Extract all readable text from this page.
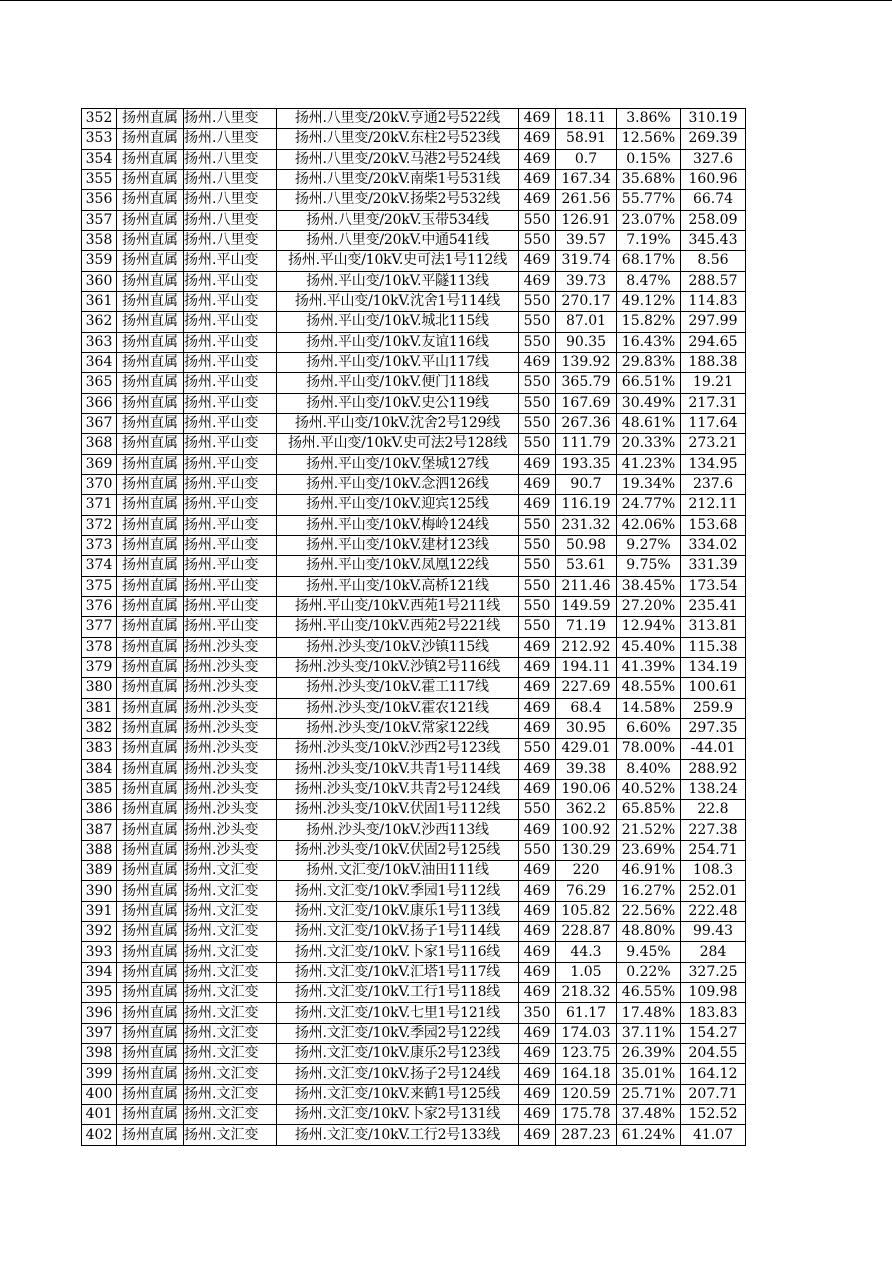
352	扬州直属	扬州.八里变	扬州.八里变/20kV.亨通2号522线	469	18.11	3.86%	310.19
353	扬州直属	扬州.八里变	扬州.八里变/20kV.东柱2号523线	469	58.91	12.56%	269.39
354	扬州直属	扬州.八里变	扬州.八里变/20kV.马港2号524线	469	0.7	0.15%	327.6
355	扬州直属	扬州.八里变	扬州.八里变/20kV.南柴1号531线	469	167.34	35.68%	160.96
356	扬州直属	扬州.八里变	扬州.八里变/20kV.扬柴2号532线	469	261.56	55.77%	66.74
357	扬州直属	扬州.八里变	扬州.八里变/20kV.玉带534线	550	126.91	23.07%	258.09
358	扬州直属	扬州.八里变	扬州.八里变/20kV.中通541线	550	39.57	7.19%	345.43
359	扬州直属	扬州.平山变	扬州.平山变/10kV.史可法1号112线	469	319.74	68.17%	8.56
360	扬州直属	扬州.平山变	扬州.平山变/10kV.平隧113线	469	39.73	8.47%	288.57
361	扬州直属	扬州.平山变	扬州.平山变/10kV.沈舍1号114线	550	270.17	49.12%	114.83
362	扬州直属	扬州.平山变	扬州.平山变/10kV.城北115线	550	87.01	15.82%	297.99
363	扬州直属	扬州.平山变	扬州.平山变/10kV.友谊116线	550	90.35	16.43%	294.65
364	扬州直属	扬州.平山变	扬州.平山变/10kV.平山117线	469	139.92	29.83%	188.38
365	扬州直属	扬州.平山变	扬州.平山变/10kV.便门118线	550	365.79	66.51%	19.21
366	扬州直属	扬州.平山变	扬州.平山变/10kV.史公119线	550	167.69	30.49%	217.31
367	扬州直属	扬州.平山变	扬州.平山变/10kV.沈舍2号129线	550	267.36	48.61%	117.64
368	扬州直属	扬州.平山变	扬州.平山变/10kV.史可法2号128线	550	111.79	20.33%	273.21
369	扬州直属	扬州.平山变	扬州.平山变/10kV.堡城127线	469	193.35	41.23%	134.95
370	扬州直属	扬州.平山变	扬州.平山变/10kV.念泗126线	469	90.7	19.34%	237.6
371	扬州直属	扬州.平山变	扬州.平山变/10kV.迎宾125线	469	116.19	24.77%	212.11
372	扬州直属	扬州.平山变	扬州.平山变/10kV.梅岭124线	550	231.32	42.06%	153.68
373	扬州直属	扬州.平山变	扬州.平山变/10kV.建材123线	550	50.98	9.27%	334.02
374	扬州直属	扬州.平山变	扬州.平山变/10kV.凤凰122线	550	53.61	9.75%	331.39
375	扬州直属	扬州.平山变	扬州.平山变/10kV.高桥121线	550	211.46	38.45%	173.54
376	扬州直属	扬州.平山变	扬州.平山变/10kV.西苑1号211线	550	149.59	27.20%	235.41
377	扬州直属	扬州.平山变	扬州.平山变/10kV.西苑2号221线	550	71.19	12.94%	313.81
378	扬州直属	扬州.沙头变	扬州.沙头变/10kV.沙镇115线	469	212.92	45.40%	115.38
379	扬州直属	扬州.沙头变	扬州.沙头变/10kV.沙镇2号116线	469	194.11	41.39%	134.19
380	扬州直属	扬州.沙头变	扬州.沙头变/10kV.霍工117线	469	227.69	48.55%	100.61
381	扬州直属	扬州.沙头变	扬州.沙头变/10kV.霍农121线	469	68.4	14.58%	259.9
382	扬州直属	扬州.沙头变	扬州.沙头变/10kV.常家122线	469	30.95	6.60%	297.35
383	扬州直属	扬州.沙头变	扬州.沙头变/10kV.沙西2号123线	550	429.01	78.00%	-44.01
384	扬州直属	扬州.沙头变	扬州.沙头变/10kV.共青1号114线	469	39.38	8.40%	288.92
385	扬州直属	扬州.沙头变	扬州.沙头变/10kV.共青2号124线	469	190.06	40.52%	138.24
386	扬州直属	扬州.沙头变	扬州.沙头变/10kV.伏固1号112线	550	362.2	65.85%	22.8
387	扬州直属	扬州.沙头变	扬州.沙头变/10kV.沙西113线	469	100.92	21.52%	227.38
388	扬州直属	扬州.沙头变	扬州.沙头变/10kV.伏固2号125线	550	130.29	23.69%	254.71
389	扬州直属	扬州.文汇变	扬州.文汇变/10kV.油田111线	469	220	46.91%	108.3
390	扬州直属	扬州.文汇变	扬州.文汇变/10kV.季园1号112线	469	76.29	16.27%	252.01
391	扬州直属	扬州.文汇变	扬州.文汇变/10kV.康乐1号113线	469	105.82	22.56%	222.48
392	扬州直属	扬州.文汇变	扬州.文汇变/10kV.扬子1号114线	469	228.87	48.80%	99.43
393	扬州直属	扬州.文汇变	扬州.文汇变/10kV.卜家1号116线	469	44.3	9.45%	284
394	扬州直属	扬州.文汇变	扬州.文汇变/10kV.汇塔1号117线	469	1.05	0.22%	327.25
395	扬州直属	扬州.文汇变	扬州.文汇变/10kV.工行1号118线	469	218.32	46.55%	109.98
396	扬州直属	扬州.文汇变	扬州.文汇变/10kV.七里1号121线	350	61.17	17.48%	183.83
397	扬州直属	扬州.文汇变	扬州.文汇变/10kV.季园2号122线	469	174.03	37.11%	154.27
398	扬州直属	扬州.文汇变	扬州.文汇变/10kV.康乐2号123线	469	123.75	26.39%	204.55
399	扬州直属	扬州.文汇变	扬州.文汇变/10kV.扬子2号124线	469	164.18	35.01%	164.12
400	扬州直属	扬州.文汇变	扬州.文汇变/10kV.来鹤1号125线	469	120.59	25.71%	207.71
401	扬州直属	扬州.文汇变	扬州.文汇变/10kV.卜家2号131线	469	175.78	37.48%	152.52
402	扬州直属	扬州.文汇变	扬州.文汇变/10kV.工行2号133线	469	287.23	61.24%	41.07
